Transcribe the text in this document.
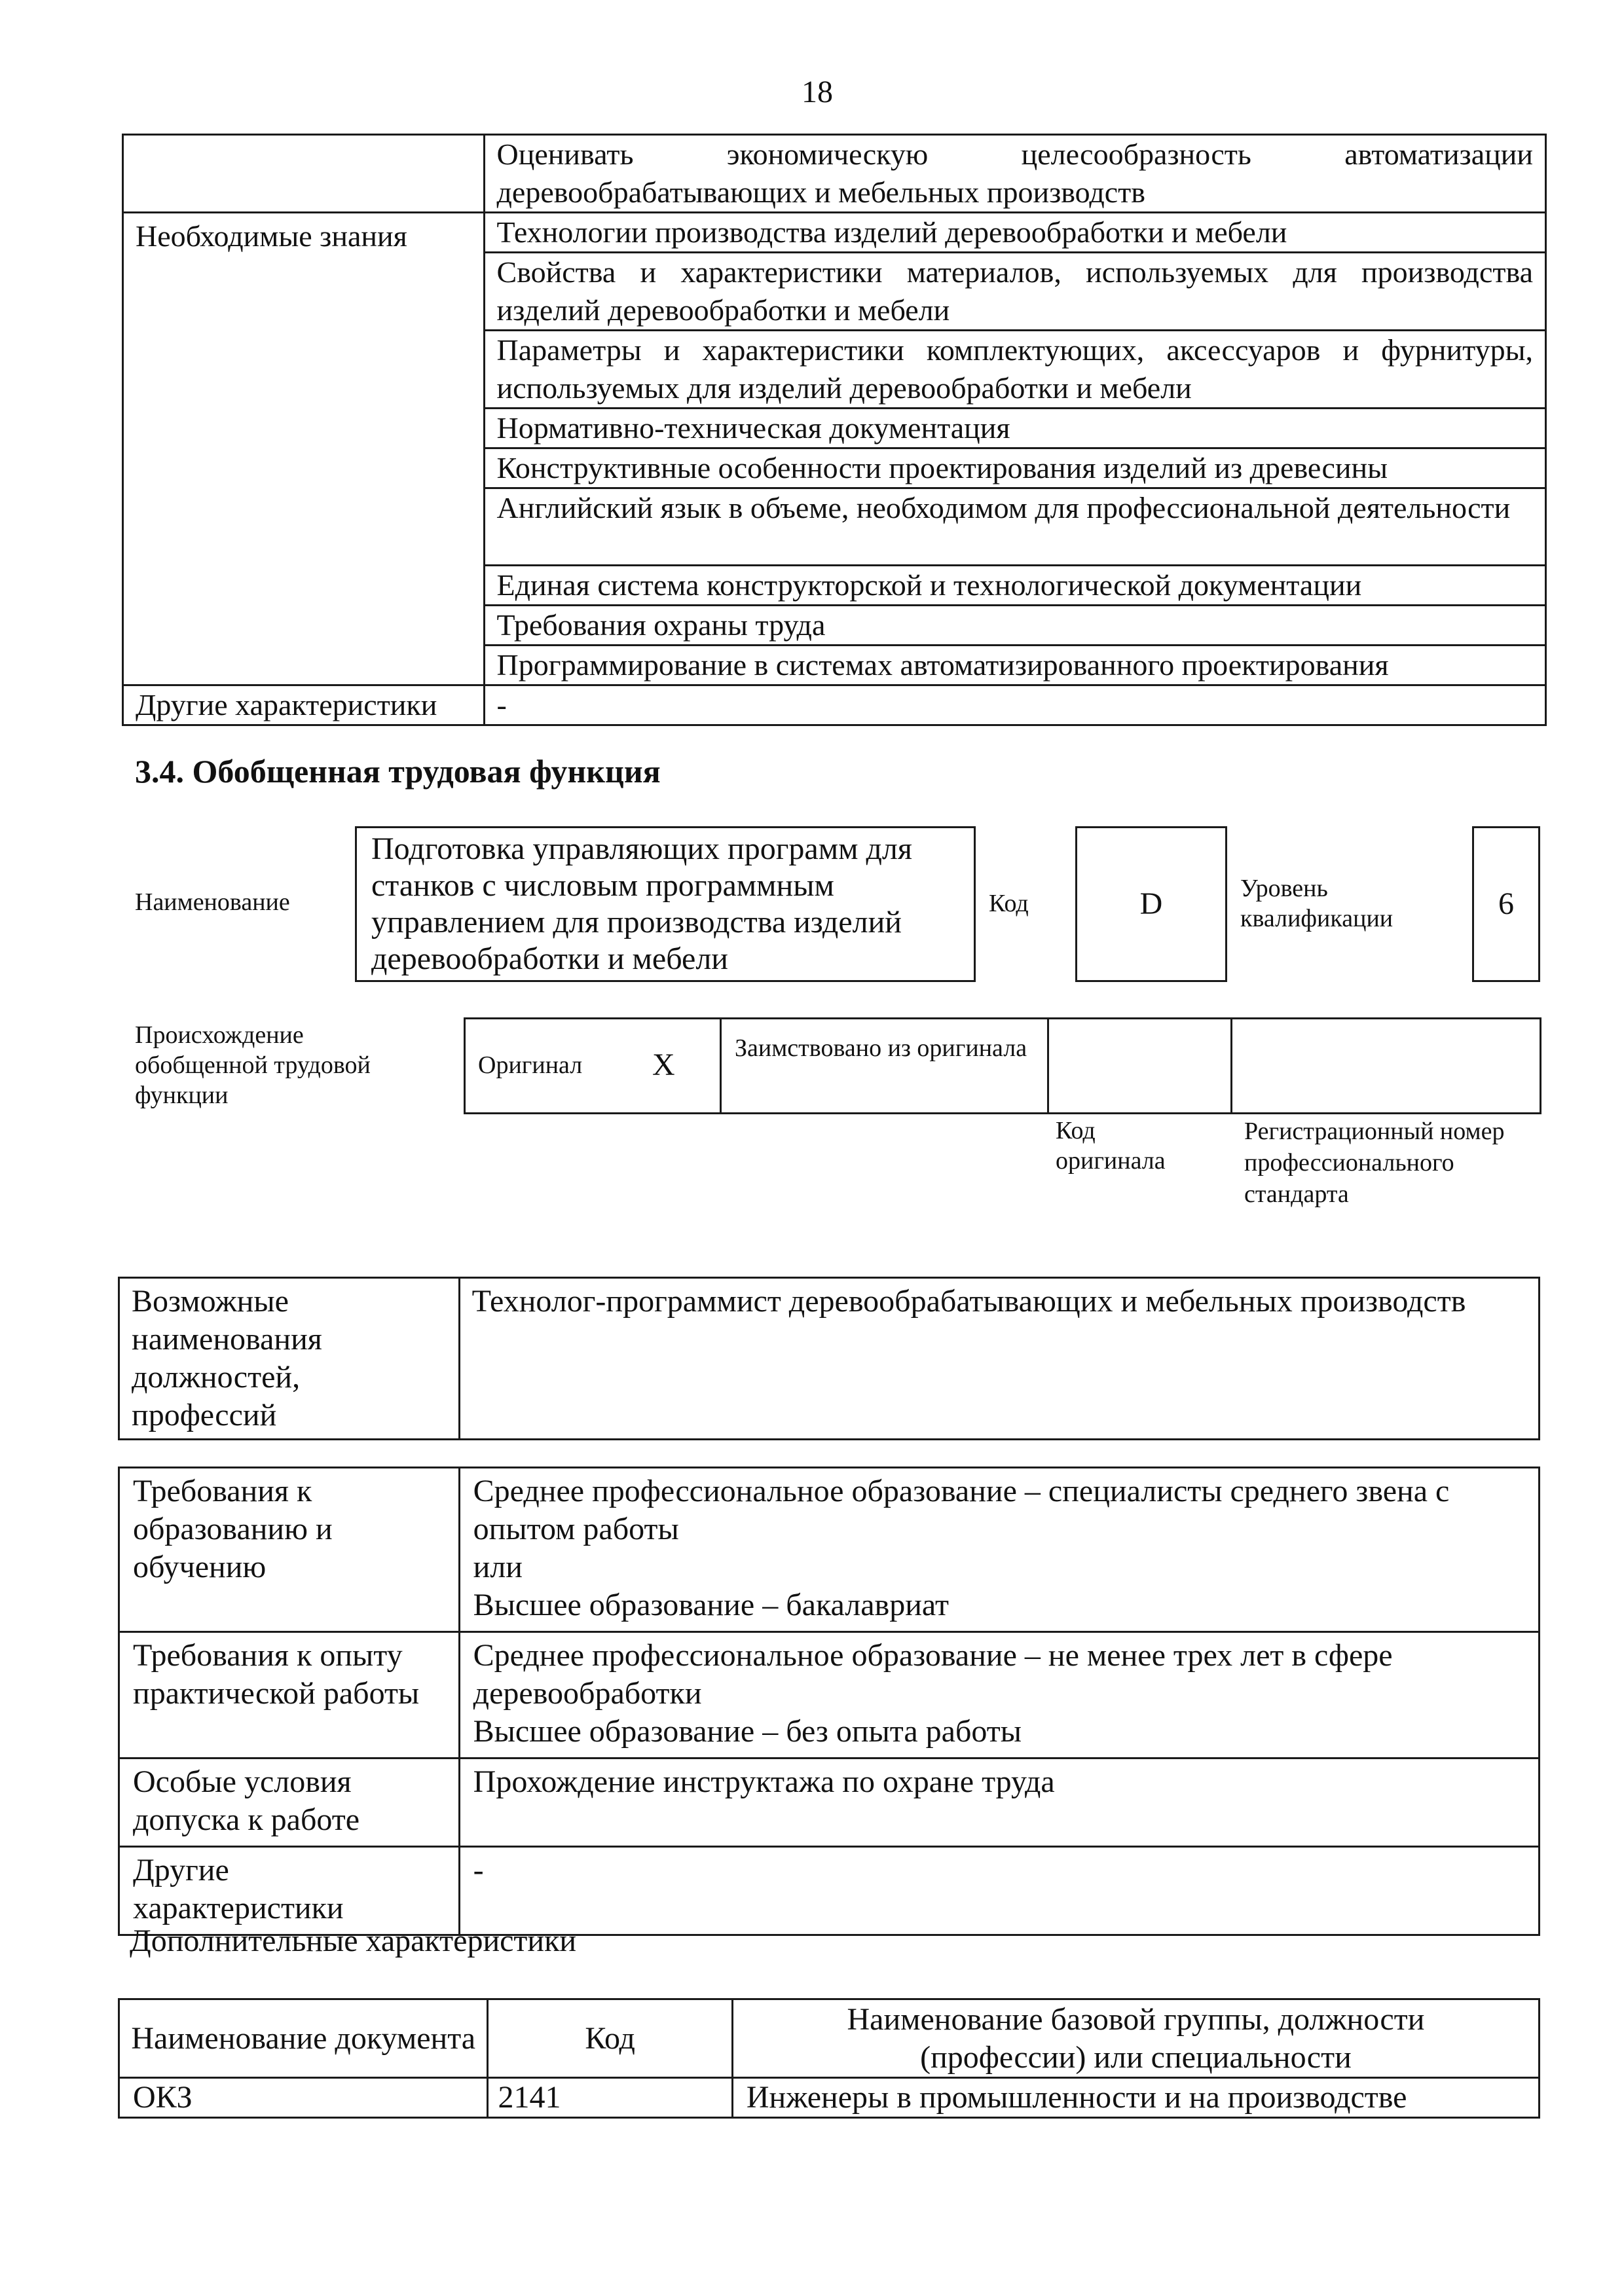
18
	Оценивать экономическую целесообразность автоматизации деревообрабатывающих и мебельных производств
Необходимые знания	Технологии производства изделий деревообработки и мебели
	Свойства и характеристики материалов, используемых для производства изделий деревообработки и мебели
	Параметры и характеристики комплектующих, аксессуаров и фурнитуры, используемых для изделий деревообработки и мебели
	Нормативно-техническая документация
	Конструктивные особенности проектирования изделий из древесины
	Английский язык в объеме, необходимом для профессиональной деятельности
	Единая система конструкторской и технологической документации
	Требования охраны труда
	Программирование в системах автоматизированного проектирования
Другие характеристики	-
3.4. Обобщенная трудовая функция
Наименование
Подготовка управляющих программ для станков с числовым программным управлением для производства изделий деревообработки и мебели
Код	D	Уровень квалификации	6
Происхождение обобщенной трудовой функции
Оригинал X Заимствовано из оригинала
Код оригинала
Регистрационный номер профессионального стандарта
Возможные наименования должностей, профессий	Технолог-программист деревообрабатывающих и мебельных производств
Требования к образованию и обучению	Среднее профессиональное образование – специалисты среднего звена с опытом работы
или
Высшее образование – бакалавриат

Требования к опыту практической работы	Среднее профессиональное образование – не менее трех лет в сфере деревообработки
Высшее образование – без опыта работы

Особые условия допуска к работе	Прохождение инструктажа по охране труда

Другие характеристики	-
Дополнительные характеристики
Наименование документа	Код	Наименование базовой группы, должности (профессии) или специальности
ОКЗ	2141	Инженеры в промышленности и на производстве
